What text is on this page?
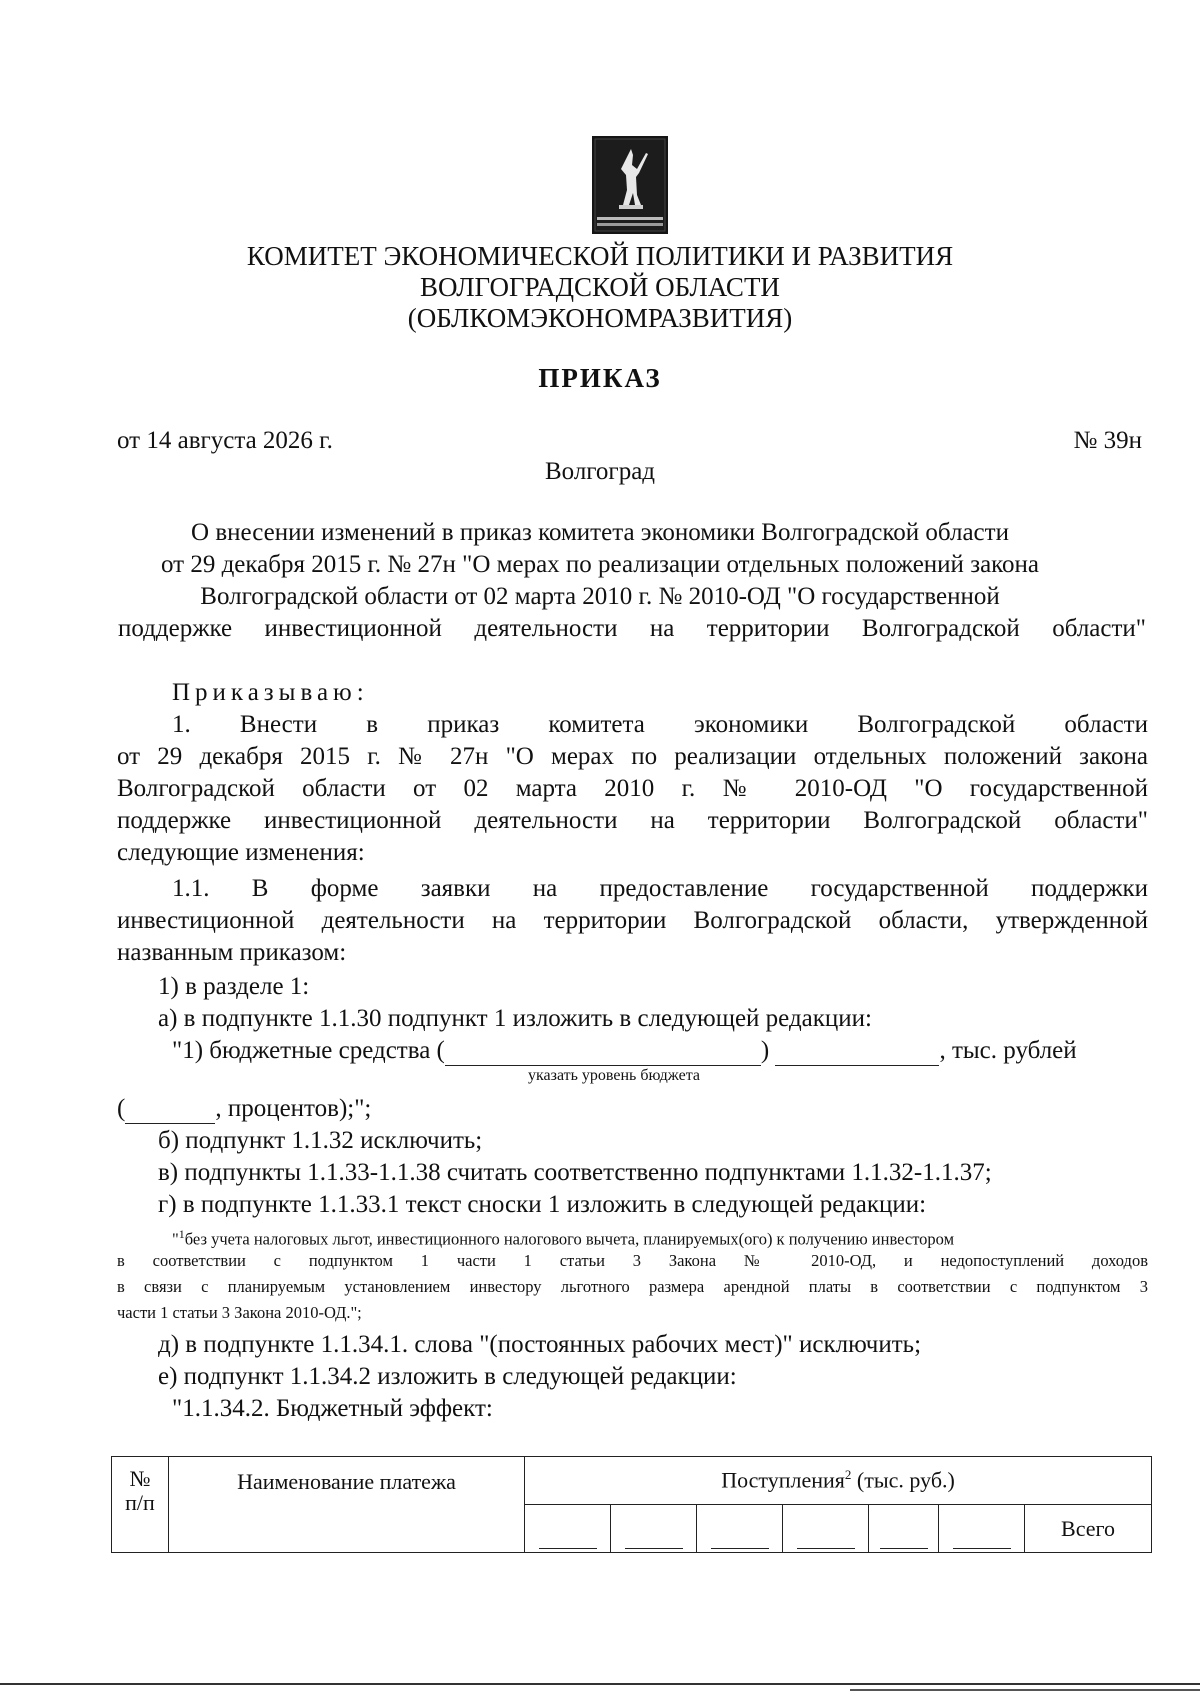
КОМИТЕТ ЭКОНОМИЧЕСКОЙ ПОЛИТИКИ И РАЗВИТИЯ
ВОЛГОГРАДСКОЙ ОБЛАСТИ
(ОБЛКОМЭКОНОМРАЗВИТИЯ)
ПРИКАЗ
от 14 августа 2026 г.	№ 39н
Волгоград
О внесении изменений в приказ комитета экономики Волгоградской области
от 29 декабря 2015 г. № 27н "О мерах по реализации отдельных положений закона
Волгоградской области от 02 марта 2010 г. № 2010-ОД "О государственной
поддержке инвестиционной деятельности на территории Волгоградской области"
Приказываю:
1. Внести в приказ комитета экономики Волгоградской области
от 29 декабря 2015 г. № 27н "О мерах по реализации отдельных положений закона
Волгоградской области от 02 марта 2010 г. № 2010-ОД "О государственной
поддержке инвестиционной деятельности на территории Волгоградской области"
следующие изменения:
1.1. В форме заявки на предоставление государственной поддержки
инвестиционной деятельности на территории Волгоградской области, утвержденной
названным приказом:
1) в разделе 1:
а) в подпункте 1.1.30 подпункт 1 изложить в следующей редакции:
"1) бюджетные средства (	)	, тыс. рублей
указать уровень бюджета
(	, процентов);";
б) подпункт 1.1.32 исключить;
в) подпункты 1.1.33-1.1.38 считать соответственно подпунктами 1.1.32-1.1.37;
г) в подпункте 1.1.33.1 текст сноски 1 изложить в следующей редакции:
"$^1$без учета налоговых льгот, инвестиционного налогового вычета, планируемых(ого) к получению инвестором
в соответствии с подпунктом 1 части 1 статьи 3 Закона № 2010-ОД, и недопоступлений доходов
в связи с планируемым установлением инвестору льготного размера арендной платы в соответствии с подпунктом 3
части 1 статьи 3 Закона 2010-ОД.";
д) в подпункте 1.1.34.1. слова "(постоянных рабочих мест)" исключить;
е) подпункт 1.1.34.2 изложить в следующей редакции:
"1.1.34.2. Бюджетный эффект:
№
п/п	Наименование платежа	Поступления$^2$ (тыс. руб.)						
								Всего
